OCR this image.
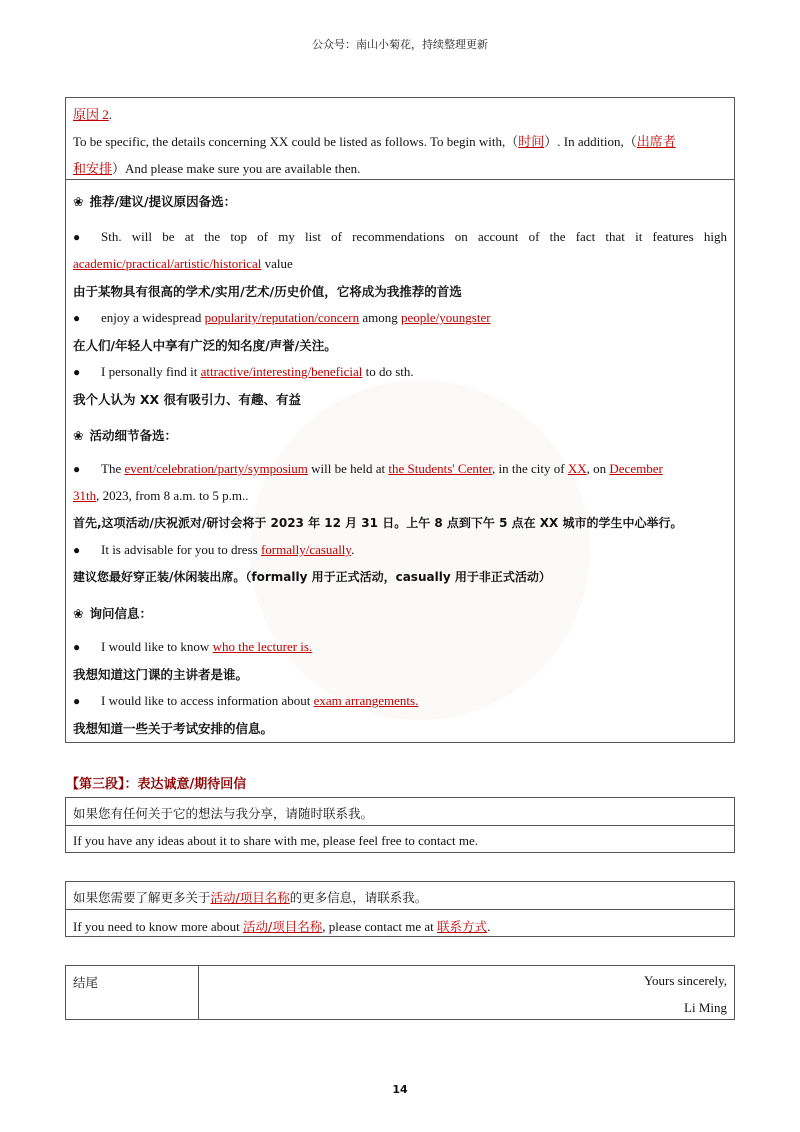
公众号：南山小菊花，持续整理更新
原因 2.
To be specific, the details concerning XX could be listed as follows. To begin with,（时间）. In addition,（出席者
和安排）And please make sure you are available then.
❀ 推荐/建议/提议原因备选：
● Sth. will be at the top of my list of recommendations on account of the fact that it features high
academic/practical/artistic/historical value
由于某物具有很高的学术/实用/艺术/历史价值，它将成为我推荐的首选
● enjoy a widespread popularity/reputation/concern among people/youngster
在人们/年轻人中享有广泛的知名度/声誉/关注。
● I personally find it attractive/interesting/beneficial to do sth.
我个人认为 XX 很有吸引力、有趣、有益
❀ 活动细节备选：
● The event/celebration/party/symposium will be held at the Students' Center, in the city of XX, on December
31th, 2023, from 8 a.m. to 5 p.m..
首先,这项活动/庆祝派对/研讨会将于 2023 年 12 月 31 日。上午 8 点到下午 5 点在 XX 城市的学生中心举行。
● It is advisable for you to dress formally/casually.
建议您最好穿正装/休闲装出席。（formally 用于正式活动，casually 用于非正式活动）
❀ 询问信息：
● I would like to know who the lecturer is.
我想知道这门课的主讲者是谁。
● I would like to access information about exam arrangements.
我想知道一些关于考试安排的信息。
【第三段】：表达诚意/期待回信
如果您有任何关于它的想法与我分享，请随时联系我。
If you have any ideas about it to share with me, please feel free to contact me.
如果您需要了解更多关于活动/项目名称的更多信息，请联系我。
If you need to know more about 活动/项目名称, please contact me at 联系方式.
结尾	Yours sincerely,
Li Ming
14
